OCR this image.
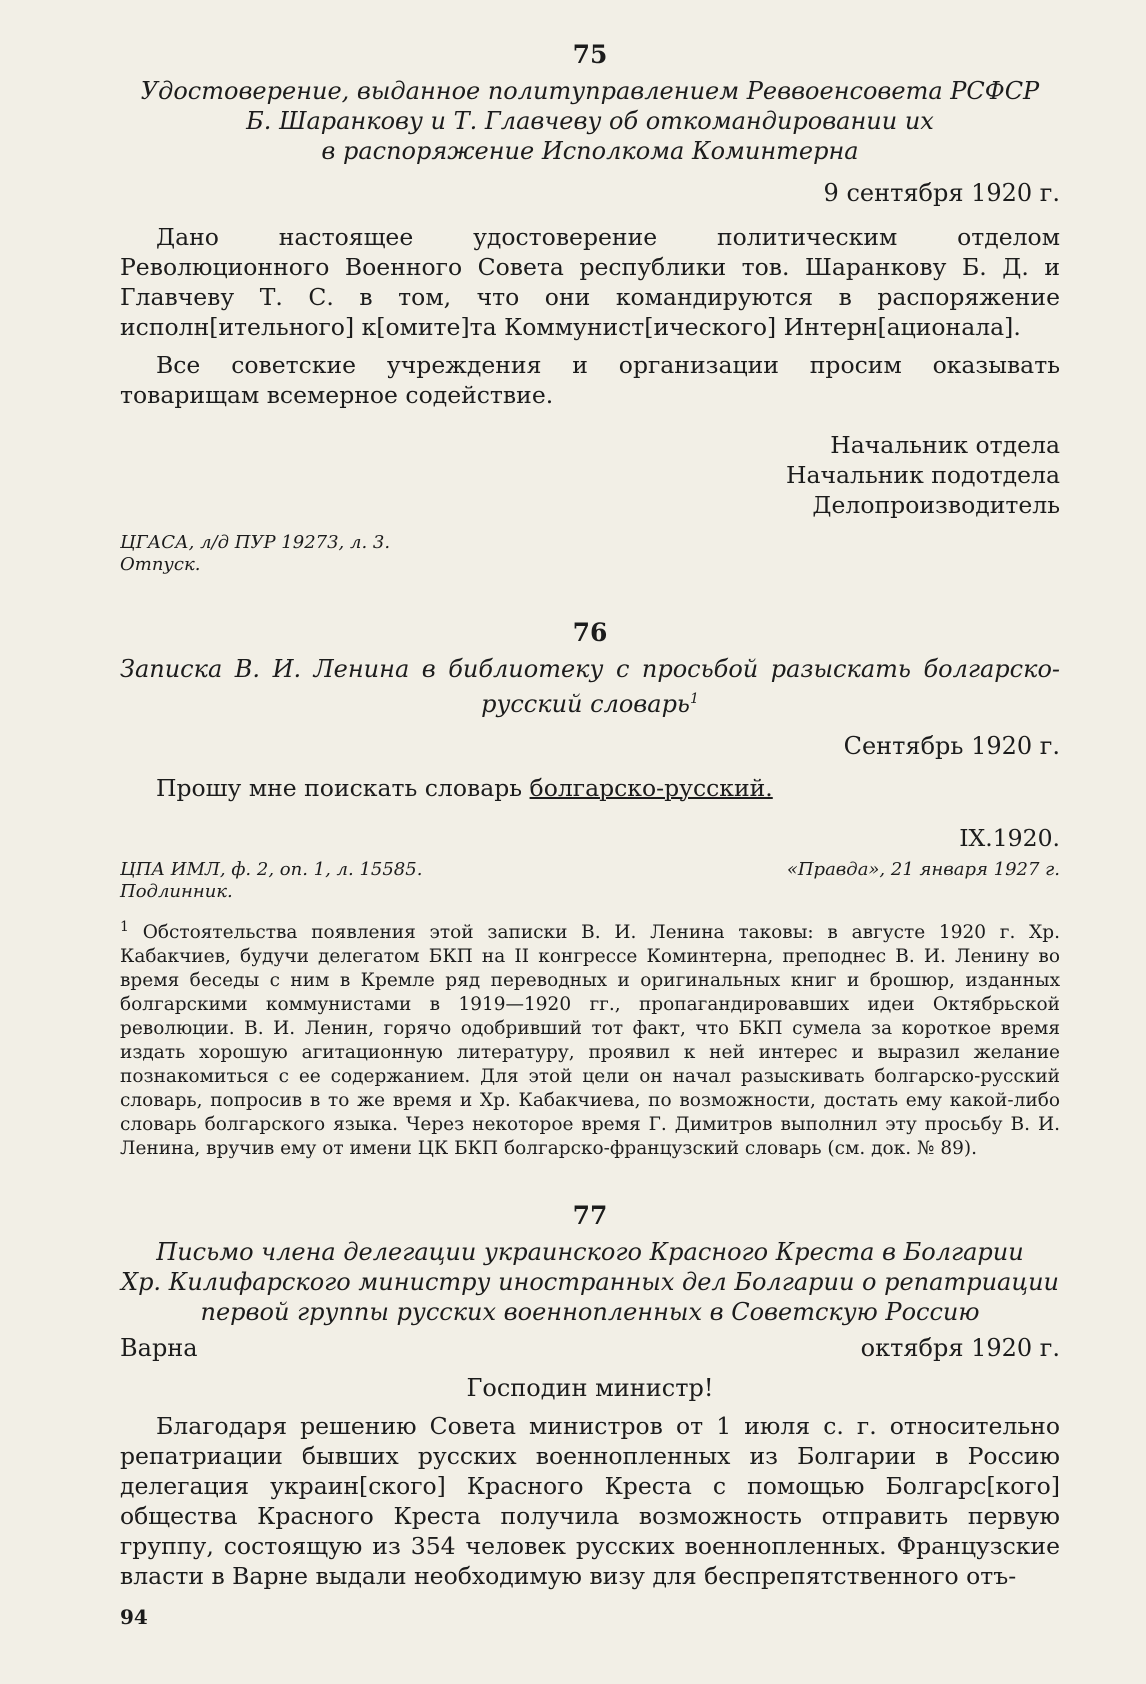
75
Удостоверение, выданное политуправлением Реввоенсовета РСФСР
Б. Шаранкову и Т. Главчеву об откомандировании их
в распоряжение Исполкома Коминтерна
9 сентября 1920 г.

Дано настоящее удостоверение политическим отделом Революционного Военного Совета республики тов. Шаранкову Б. Д. и Главчеву Т. С. в том, что они командируются в распоряжение исполн[ительного] к[омите]та Коммунист[ического] Интерн[ационала].

Все советские учреждения и организации просим оказывать товарищам всемерное содействие.

Начальник отдела
Начальник подотдела
Делопроизводитель
ЦГАСА, л/д ПУР 19273, л. 3.
Отпуск.
76
Записка В. И. Ленина в библиотеку с просьбой разыскать болгарско-
русский словарь$^1$
Сентябрь 1920 г.

Прошу мне поискать словарь болгарско-русский.

IX.1920.
ЦПА ИМЛ, ф. 2, оп. 1, л. 15585.
Подлинник.
«Правда», 21 января 1927 г.
$^1$ Обстоятельства появления этой записки В. И. Ленина таковы: в августе 1920 г. Хр. Кабакчиев, будучи делегатом БКП на II конгрессе Коминтерна, преподнес В. И. Ленину во время беседы с ним в Кремле ряд переводных и оригинальных книг и брошюр, изданных болгарскими коммунистами в 1919—1920 гг., пропагандировавших идеи Октябрьской революции. В. И. Ленин, горячо одобривший тот факт, что БКП сумела за короткое время издать хорошую агитационную литературу, проявил к ней интерес и выразил желание познакомиться с ее содержанием. Для этой цели он начал разыскивать болгарско-русский словарь, попросив в то же время и Хр. Кабакчиева, по возможности, достать ему какой-либо словарь болгарского языка. Через некоторое время Г. Димитров выполнил эту просьбу В. И. Ленина, вручив ему от имени ЦК БКП болгарско-французский словарь (см. док. № 89).
77
Письмо члена делегации украинского Красного Креста в Болгарии
Хр. Килифарского министру иностранных дел Болгарии о репатриации
первой группы русских военнопленных в Советскую Россию
Варна	октября 1920 г.
Господин министр!

Благодаря решению Совета министров от 1 июля с. г. относительно репатриации бывших русских военнопленных из Болгарии в Россию делегация украин[ского] Красного Креста с помощью Болгарс[кого] общества Красного Креста получила возможность отправить первую группу, состоящую из 354 человек русских военнопленных. Французские власти в Варне выдали необходимую визу для беспрепятственного отъ-

94
